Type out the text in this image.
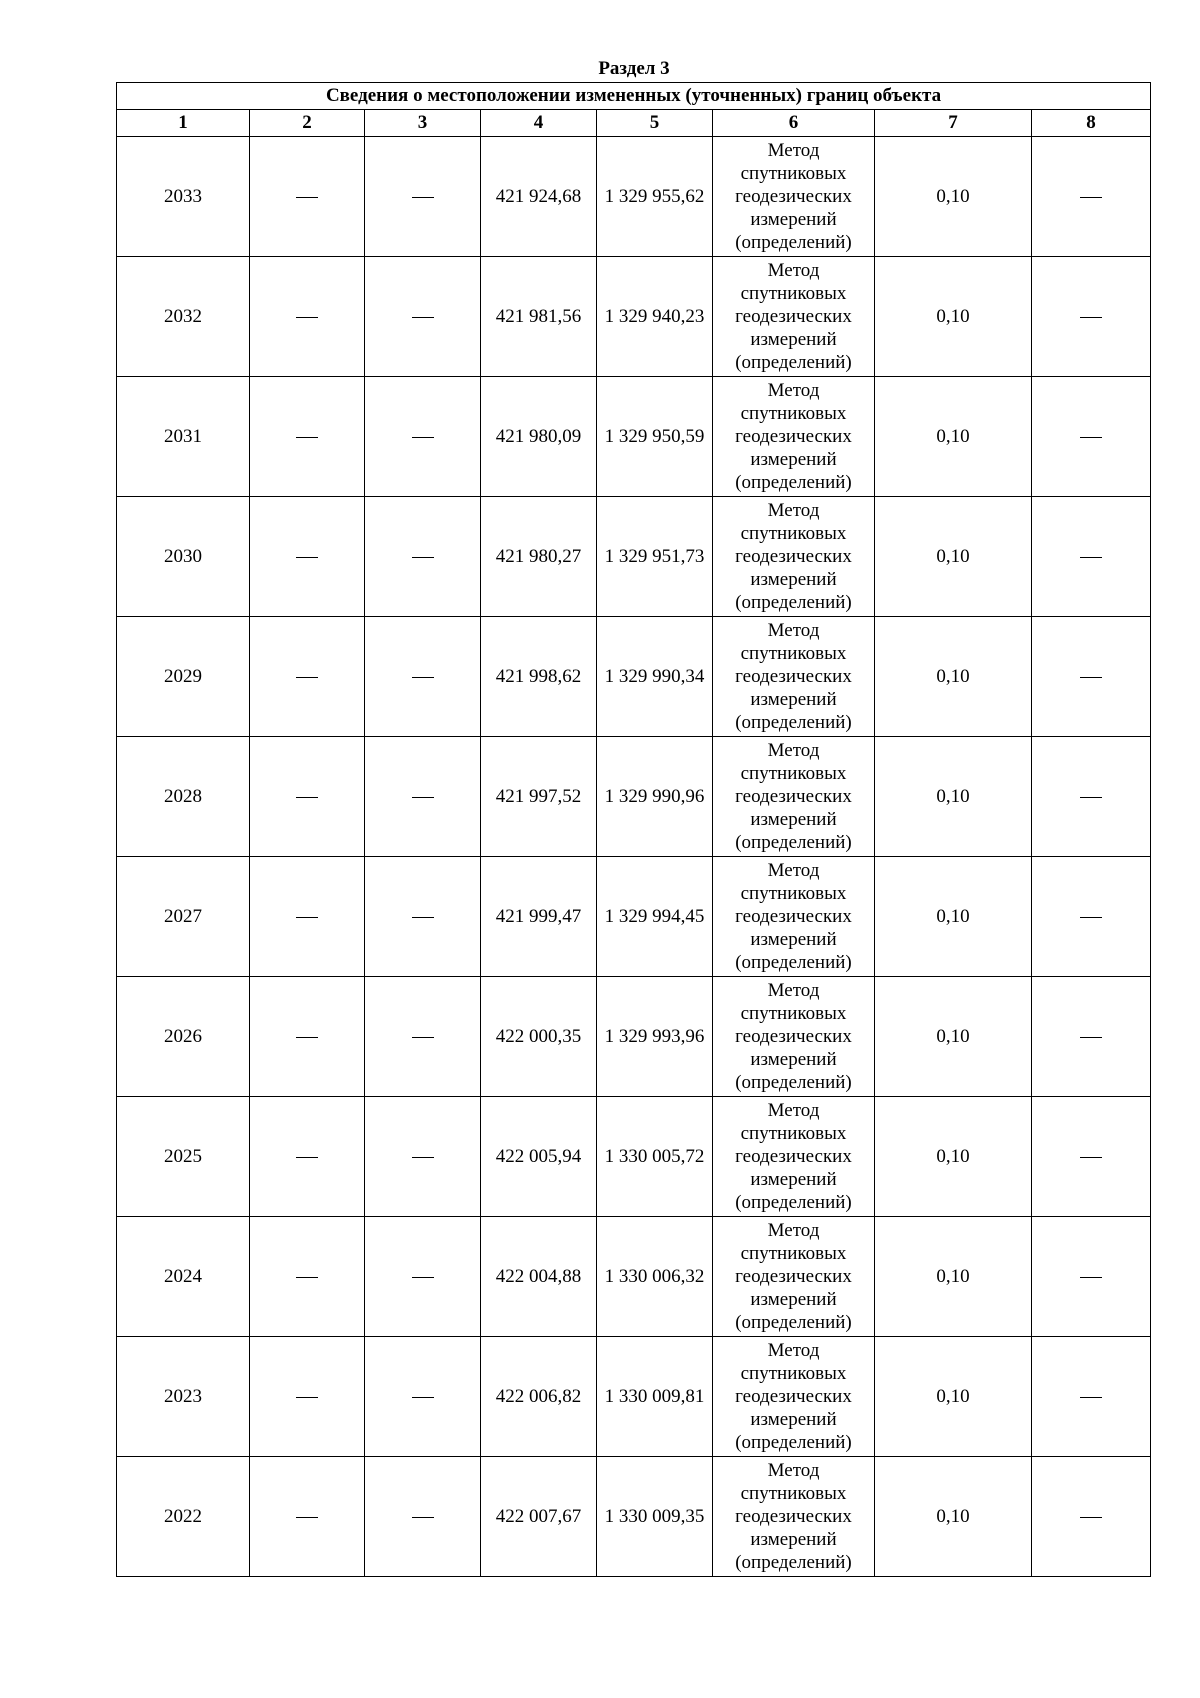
Раздел 3
Сведения о местоположении измененных (уточненных) границ объекта							
1	2	3	4	5	6	7	8
2033			421 924,68	1 329 955,62	Метод
спутниковых
геодезических
измерений
(определений)	0,10	
2032			421 981,56	1 329 940,23	Метод
спутниковых
геодезических
измерений
(определений)	0,10	
2031			421 980,09	1 329 950,59	Метод
спутниковых
геодезических
измерений
(определений)	0,10	
2030			421 980,27	1 329 951,73	Метод
спутниковых
геодезических
измерений
(определений)	0,10	
2029			421 998,62	1 329 990,34	Метод
спутниковых
геодезических
измерений
(определений)	0,10	
2028			421 997,52	1 329 990,96	Метод
спутниковых
геодезических
измерений
(определений)	0,10	
2027			421 999,47	1 329 994,45	Метод
спутниковых
геодезических
измерений
(определений)	0,10	
2026			422 000,35	1 329 993,96	Метод
спутниковых
геодезических
измерений
(определений)	0,10	
2025			422 005,94	1 330 005,72	Метод
спутниковых
геодезических
измерений
(определений)	0,10	
2024			422 004,88	1 330 006,32	Метод
спутниковых
геодезических
измерений
(определений)	0,10	
2023			422 006,82	1 330 009,81	Метод
спутниковых
геодезических
измерений
(определений)	0,10	
2022			422 007,67	1 330 009,35	Метод
спутниковых
геодезических
измерений
(определений)	0,10	
